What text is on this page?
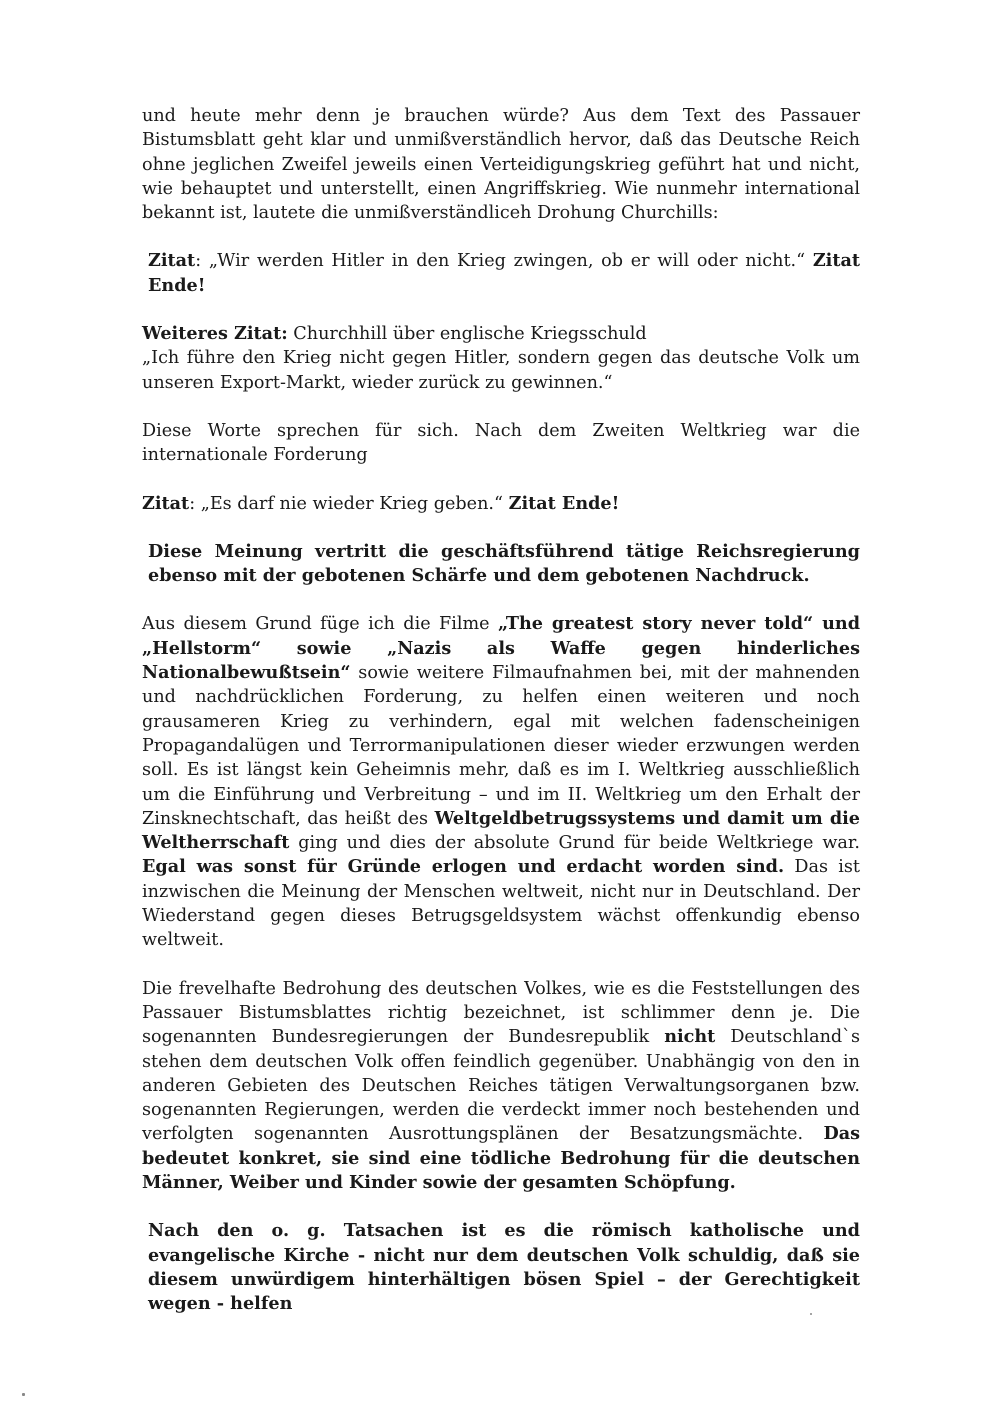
und heute mehr denn je brauchen würde? Aus dem Text des Passauer Bistumsblatt geht klar und unmißverständlich hervor, daß das Deutsche Reich ohne jeglichen Zweifel jeweils einen Verteidigungskrieg geführt hat und nicht, wie behauptet und unterstellt, einen Angriffskrieg. Wie nunmehr international bekannt ist, lautete die unmißverständliceh Drohung Churchills:

Zitat: „Wir werden Hitler in den Krieg zwingen, ob er will oder nicht.“ Zitat Ende!

Weiteres Zitat: Churchhill über englische Kriegsschuld
„Ich führe den Krieg nicht gegen Hitler, sondern gegen das deutsche Volk um unseren Export-Markt, wieder zurück zu gewinnen.“

Diese Worte sprechen für sich. Nach dem Zweiten Weltkrieg war die internationale Forderung

Zitat: „Es darf nie wieder Krieg geben.“ Zitat Ende!

Diese Meinung vertritt die geschäftsführend tätige Reichsregierung ebenso mit der gebotenen Schärfe und dem gebotenen Nachdruck.

Aus diesem Grund füge ich die Filme „The greatest story never told“ und „Hellstorm“ sowie „Nazis als Waffe gegen hinderliches Nationalbewußtsein“ sowie weitere Filmaufnahmen bei, mit der mahnenden und nachdrücklichen Forderung, zu helfen einen weiteren und noch grausameren Krieg zu verhindern, egal mit welchen fadenscheinigen Propagandalügen und Terrormanipulationen dieser wieder erzwungen werden soll. Es ist längst kein Geheimnis mehr, daß es im I. Weltkrieg ausschließlich um die Einführung und Verbreitung – und im II. Weltkrieg um den Erhalt der Zinsknechtschaft, das heißt des Weltgeldbetrugssystems und damit um die Weltherrschaft ging und dies der absolute Grund für beide Weltkriege war. Egal was sonst für Gründe erlogen und erdacht worden sind. Das ist inzwischen die Meinung der Menschen weltweit, nicht nur in Deutschland. Der Wiederstand gegen dieses Betrugsgeldsystem wächst offenkundig ebenso weltweit.

Die frevelhafte Bedrohung des deutschen Volkes, wie es die Feststellungen des Passauer Bistumsblattes richtig bezeichnet, ist schlimmer denn je. Die sogenannten Bundesregierungen der Bundesrepublik nicht Deutschland`s stehen dem deutschen Volk offen feindlich gegenüber. Unabhängig von den in anderen Gebieten des Deutschen Reiches tätigen Verwaltungsorganen bzw. sogenannten Regierungen, werden die verdeckt immer noch bestehenden und verfolgten sogenannten Ausrottungsplänen der Besatzungsmächte. Das bedeutet konkret, sie sind eine tödliche Bedrohung für die deutschen Männer, Weiber und Kinder sowie der gesamten Schöpfung.

Nach den o. g. Tatsachen ist es die römisch katholische und evangelische Kirche - nicht nur dem deutschen Volk schuldig, daß sie diesem unwürdigem hinterhältigen bösen Spiel – der Gerechtigkeit wegen - helfen
